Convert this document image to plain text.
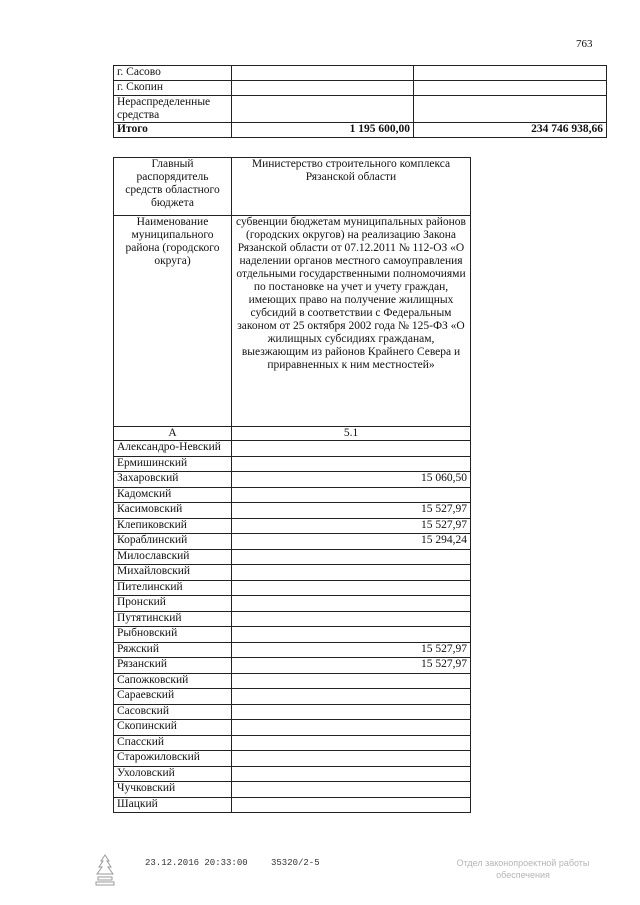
763
г. Сасово		
г. Скопин		
Нераспределенные средства		
Итого	1 195 600,00	234 746 938,66
Главный распорядитель средств областного бюджета	Министерство строительного комплекса Рязанской области
Наименование муниципального района (городского округа)	субвенции бюджетам муниципальных районов (городских округов) на реализацию Закона Рязанской области от 07.12.2011 № 112-ОЗ «О наделении органов местного самоуправления отдельными государственными полномочиями по постановке на учет и учету граждан, имеющих право на получение жилищных субсидий в соответствии с Федеральным законом от 25 октября 2002 года № 125-ФЗ «О жилищных субсидиях гражданам, выезжающим из районов Крайнего Севера и приравненных к ним местностей»
А	5.1
Александро-Невский	
Ермишинский	
Захаровский	15 060,50
Кадомский	
Касимовский	15 527,97
Клепиковский	15 527,97
Кораблинский	15 294,24
Милославский	
Михайловский	
Пителинский	
Пронский	
Путятинский	
Рыбновский	
Ряжский	15 527,97
Рязанский	15 527,97
Сапожковский	
Сараевский	
Сасовский	
Скопинский	
Спасский	
Старожиловский	
Ухоловский	
Чучковский	
Шацкий	
23.12.2016 20:33:00	35320/2-5	Отдел законопроектной работы
обеспечения
